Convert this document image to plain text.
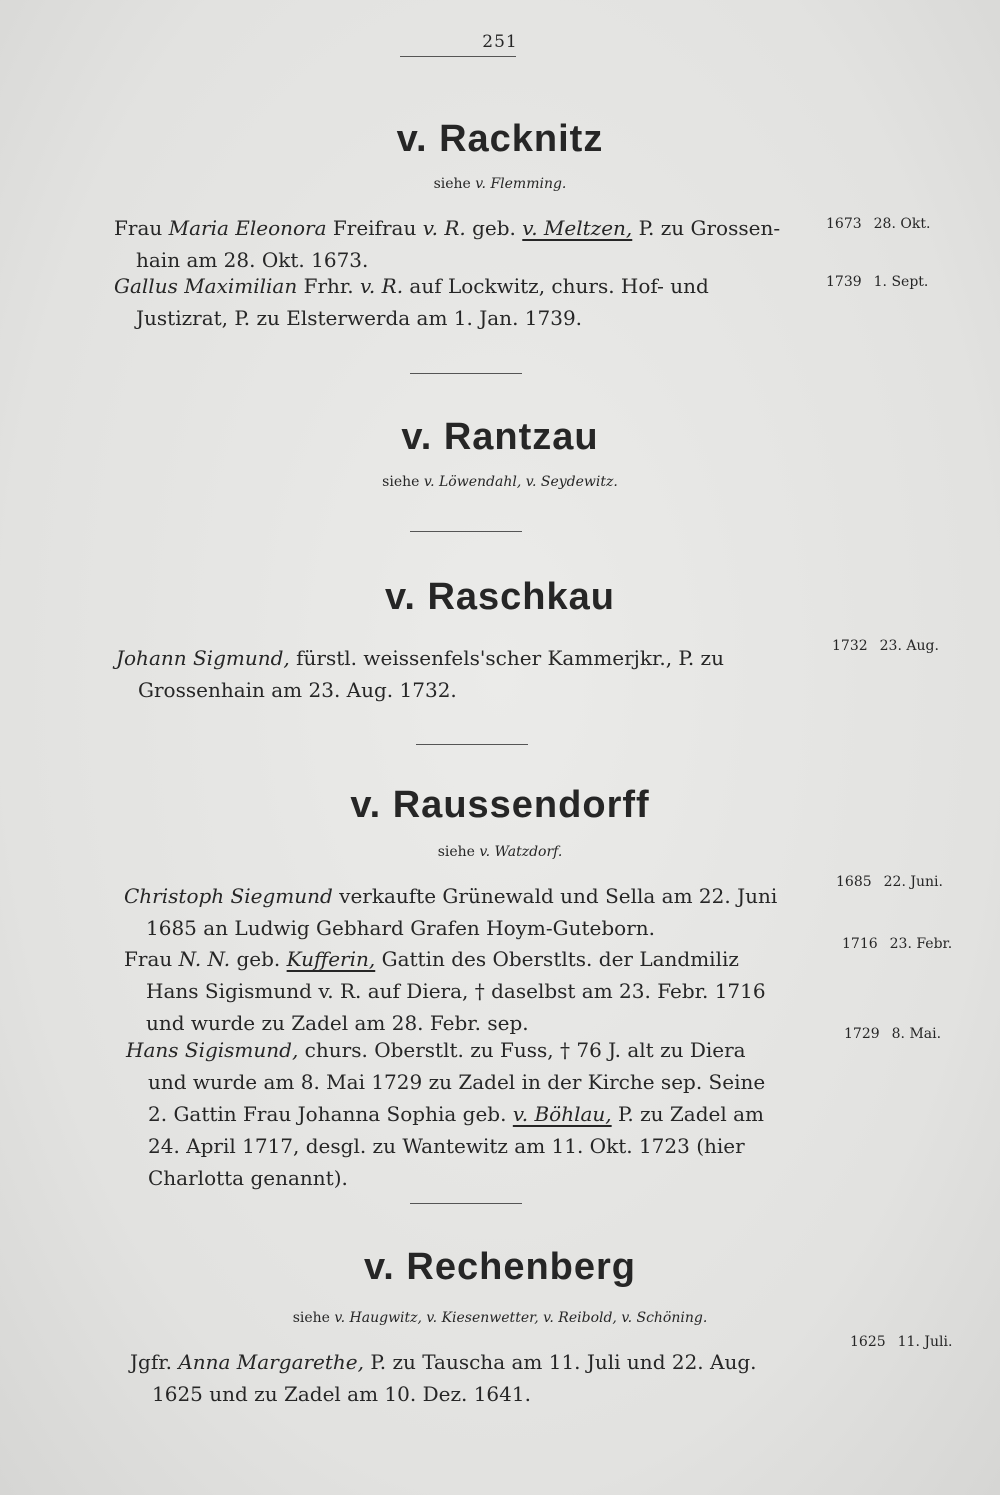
251
v. Racknitz
siehe v. Flemming.
Frau Maria Eleonora Freifrau v. R. geb. v. Meltzen, P. zu Grossen-
hain am 28. Okt. 1673.
1673 28. Okt.
Gallus Maximilian Frhr. v. R. auf Lockwitz, churs. Hof- und
Justizrat, P. zu Elsterwerda am 1. Jan. 1739.
1739 1. Sept.
v. Rantzau
siehe v. Löwendahl, v. Seydewitz.
v. Raschkau
Johann Sigmund, fürstl. weissenfels'scher Kammerjkr., P. zu
Grossenhain am 23. Aug. 1732.
1732 23. Aug.
v. Raussendorff
siehe v. Watzdorf.
Christoph Siegmund verkaufte Grünewald und Sella am 22. Juni
1685 an Ludwig Gebhard Grafen Hoym-Guteborn.
1685 22. Juni.
Frau N. N. geb. Kufferin, Gattin des Oberstlts. der Landmiliz
Hans Sigismund v. R. auf Diera, † daselbst am 23. Febr. 1716
und wurde zu Zadel am 28. Febr. sep.
1716 23. Febr.
Hans Sigismund, churs. Oberstlt. zu Fuss, † 76 J. alt zu Diera
und wurde am 8. Mai 1729 zu Zadel in der Kirche sep. Seine
2. Gattin Frau Johanna Sophia geb. v. Böhlau, P. zu Zadel am
24. April 1717, desgl. zu Wantewitz am 11. Okt. 1723 (hier
Charlotta genannt).
1729 8. Mai.
v. Rechenberg
siehe v. Haugwitz, v. Kiesenwetter, v. Reibold, v. Schöning.
Jgfr. Anna Margarethe, P. zu Tauscha am 11. Juli und 22. Aug.
1625 und zu Zadel am 10. Dez. 1641.
1625 11. Juli.
